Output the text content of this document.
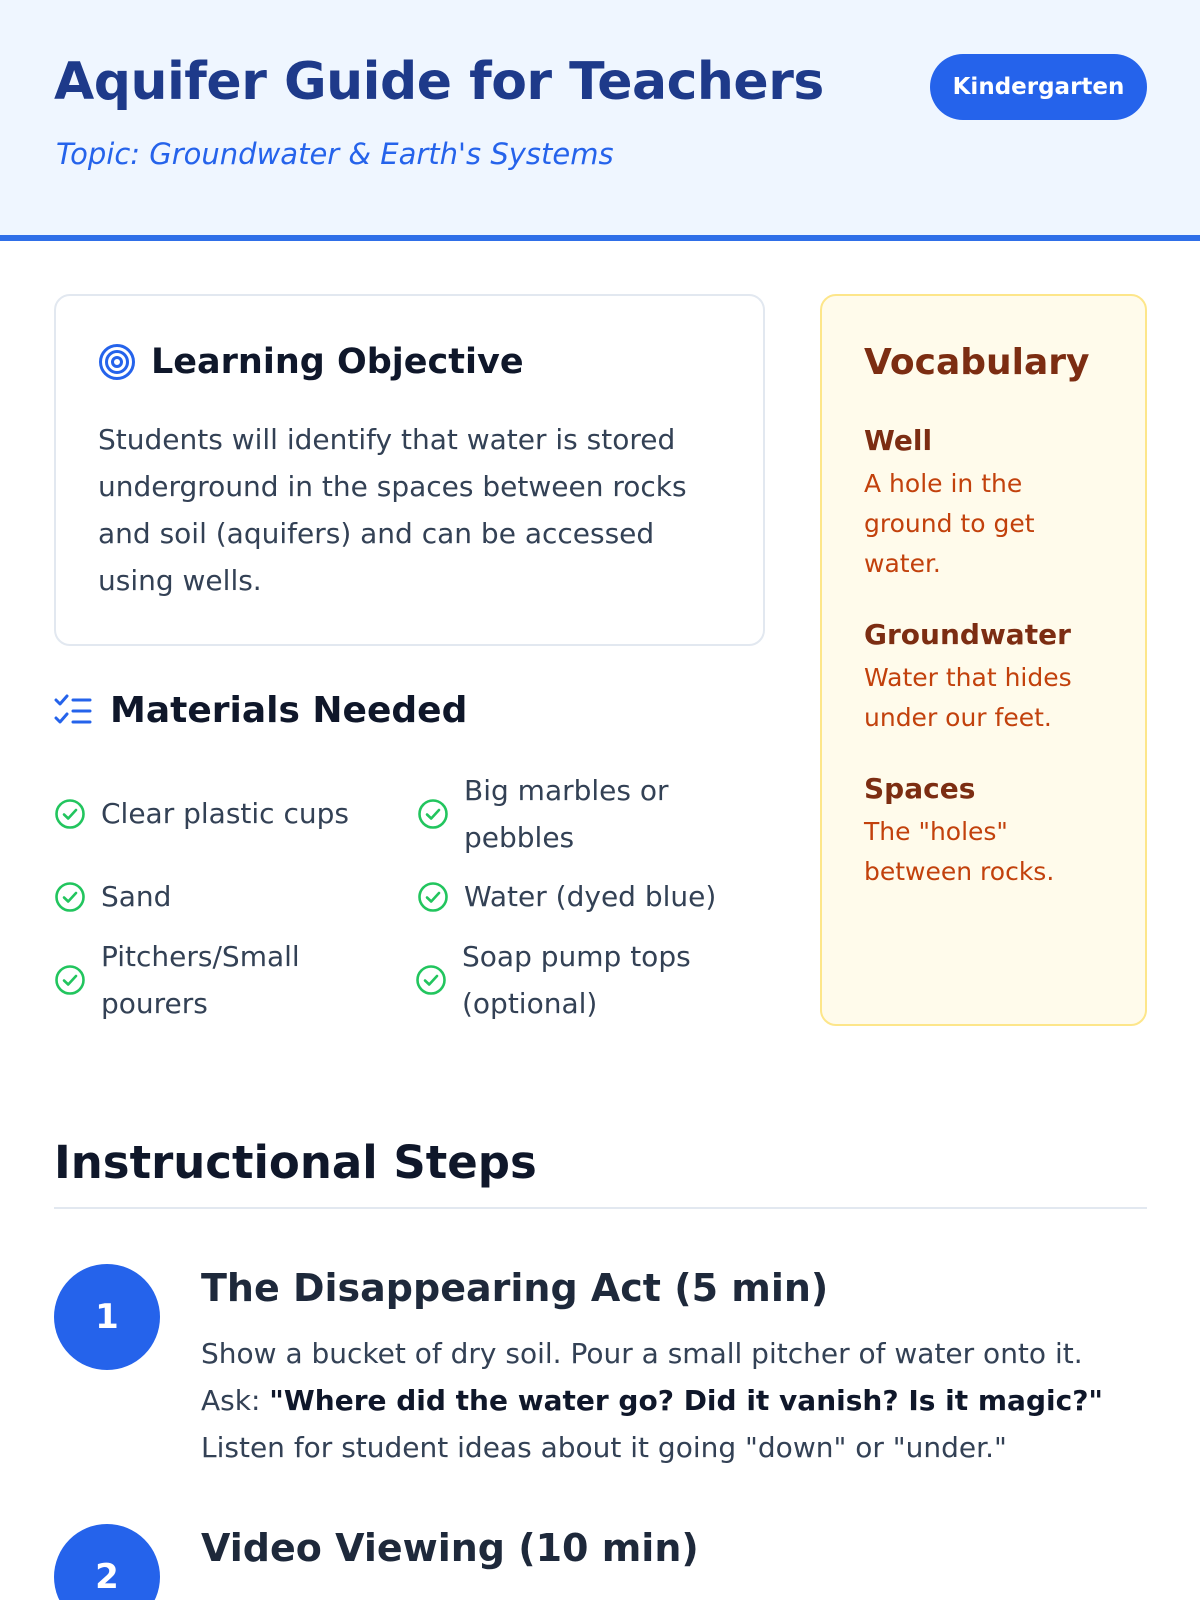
Aquifer Guide for Teachers
Topic: Groundwater & Earth's Systems
Kindergarten
Learning Objective

Students will identify that water is stored underground in the spaces between rocks and soil (aquifers) and can be accessed using wells.

Materials Needed
Clear plastic cups
Big marbles or pebbles
Sand	Water (dyed blue)
Pitchers/Small pourers
Soap pump tops (optional)
Vocabulary
Well
A hole in the ground to get water.
Groundwater
Water that hides under our feet.
Spaces
The "holes" between rocks.
Instructional Steps
1
The Disappearing Act (5 min)

Show a bucket of dry soil. Pour a small pitcher of water onto it. Ask: "Where did the water go? Did it vanish? Is it magic?" Listen for student ideas about it going "down" or "under."

2
Video Viewing (10 min)
